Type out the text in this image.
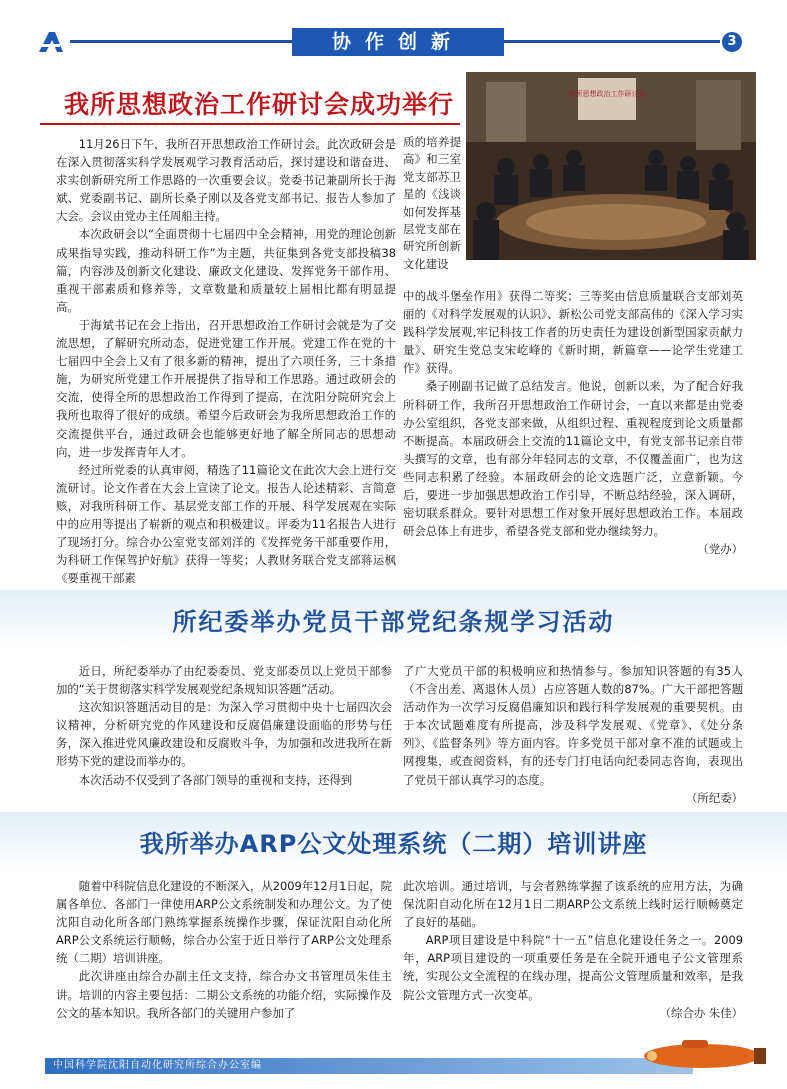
协作创新	3
我所思想政治工作研讨会成功举行	我所思想政治工作研讨会
质的培养提高》和三室党支部苏卫星的《浅谈如何发挥基层党支部在研究所创新文化建设

11月26日下午，我所召开思想政治工作研讨会。此次政研会是在深入贯彻落实科学发展观学习教育活动后，探讨建设和谐奋进、求实创新研究所工作思路的一次重要会议。党委书记兼副所长于海斌、党委副书记、副所长桑子刚以及各党支部书记、报告人参加了大会。会议由党办主任周船主持。

本次政研会以“全面贯彻十七届四中全会精神，用党的理论创新成果指导实践，推动科研工作”为主题，共征集到各党支部投稿38篇，内容涉及创新文化建设、廉政文化建设、发挥党务干部作用、重视干部素质和修养等，文章数量和质量较上届相比都有明显提高。

于海斌书记在会上指出，召开思想政治工作研讨会就是为了交流思想，了解研究所动态，促进党建工作开展。党建工作在党的十七届四中全会上又有了很多新的精神，提出了六项任务，三十条措施，为研究所党建工作开展提供了指导和工作思路。通过政研会的交流，使得全所的思想政治工作得到了提高，在沈阳分院研究会上我所也取得了很好的成绩。希望今后政研会为我所思想政治工作的交流提供平台，通过政研会也能够更好地了解全所同志的思想动向，进一步发挥青年人才。

经过所党委的认真审阅，精选了11篇论文在此次大会上进行交流研讨。论文作者在大会上宣读了论文。报告人论述精彩、言简意赅，对我所科研工作、基层党支部工作的开展、科学发展观在实际中的应用等提出了崭新的观点和积极建议。评委为11名报告人进行了现场打分。综合办公室党支部刘洋的《发挥党务干部重要作用，为科研工作保驾护好航》获得一等奖；人教财务联合党支部蒋运枫《要重视干部素

中的战斗堡垒作用》获得二等奖；三等奖由信息质量联合支部刘英丽的《对科学发展观的认识》、新松公司党支部高伟的《深入学习实践科学发展观,牢记科技工作者的历史责任为建设创新型国家贡献力量》、研究生党总支宋屹峰的《新时期，新篇章——论学生党建工作》获得。

桑子刚副书记做了总结发言。他说，创新以来，为了配合好我所科研工作，我所召开思想政治工作研讨会，一直以来都是由党委办公室组织，各党支部来做，从组织过程、重视程度到论文质量都不断提高。本届政研会上交流的11篇论文中，有党支部书记亲自带头撰写的文章，也有部分年轻同志的文章，不仅覆盖面广，也为这些同志积累了经验。本届政研会的论文选题广泛，立意新颖。今后，要进一步加强思想政治工作引导，不断总结经验，深入调研，密切联系群众。要针对思想工作对象开展好思想政治工作。本届政研会总体上有进步，希望各党支部和党办继续努力。

（党办）
所纪委举办党员干部党纪条规学习活动

近日，所纪委举办了由纪委委员、党支部委员以上党员干部参加的“关于贯彻落实科学发展观党纪条规知识答题”活动。

这次知识答题活动目的是：为深入学习贯彻中央十七届四次会议精神，分析研究党的作风建设和反腐倡廉建设面临的形势与任务，深入推进党风廉政建设和反腐败斗争，为加强和改进我所在新形势下党的建设而举办的。

本次活动不仅受到了各部门领导的重视和支持，还得到

了广大党员干部的积极响应和热情参与。参加知识答题的有35人（不含出差、离退休人员）占应答题人数的87%。广大干部把答题活动作为一次学习反腐倡廉知识和践行科学发展观的重要契机。由于本次试题难度有所提高，涉及科学发展观、《党章》、《处分条列》、《监督条列》等方面内容。许多党员干部对拿不准的试题或上网搜集，或查阅资料，有的还专门打电话向纪委同志咨询，表现出了党员干部认真学习的态度。

（所纪委）
我所举办ARP公文处理系统（二期）培训讲座

随着中科院信息化建设的不断深入，从2009年12月1日起，院属各单位、各部门一律使用ARP公文系统制发和办理公文。为了使沈阳自动化所各部门熟练掌握系统操作步骤，保证沈阳自动化所ARP公文系统运行顺畅，综合办公室于近日举行了ARP公文处理系统（二期）培训讲座。

此次讲座由综合办副主任文支持，综合办文书管理员朱佳主讲。培训的内容主要包括：二期公文系统的功能介绍，实际操作及公文的基本知识。我所各部门的关键用户参加了

此次培训。通过培训，与会者熟练掌握了该系统的应用方法，为确保沈阳自动化所在12月1日二期ARP公文系统上线时运行顺畅奠定了良好的基础。

ARP项目建设是中科院“十一五”信息化建设任务之一。2009年，ARP项目建设的一项重要任务是在全院开通电子公文管理系统，实现公文全流程的在线办理，提高公文管理质量和效率，是我院公文管理方式一次变革。

（综合办 朱佳）
中国科学院沈阳自动化研究所综合办公室编
